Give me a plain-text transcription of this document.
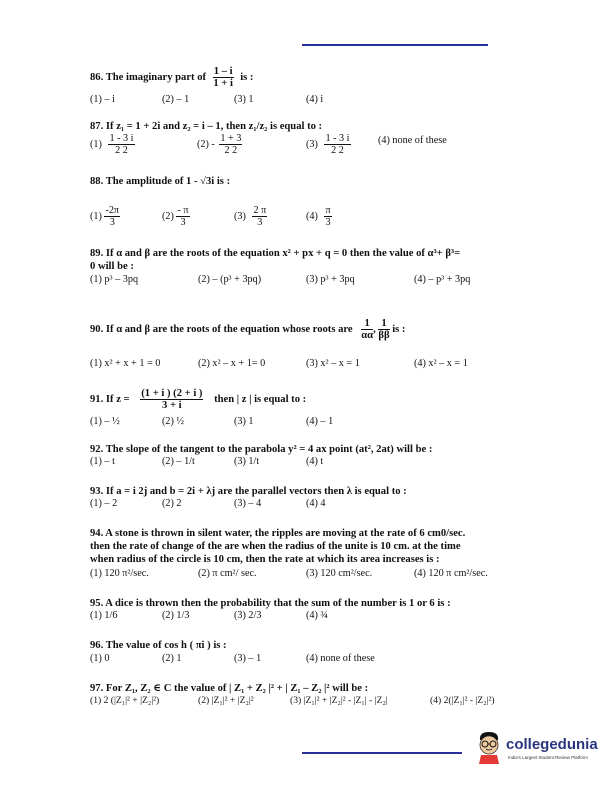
86. The imaginary part of $\frac{1 - i}{1 + i}$ is :
(1) – i	(2) – 1	(3) 1	(4) i
87. If z₁ = 1 + 2i and z₂ = i – 1, then z₁/z₂ is equal to :
$(1) \frac{1 - 3 i}{2 2}$	$(2) - \frac{1 + 3}{2 2}$	$(3) \frac{1 - 3 i}{2 2}$	(4) none of these
88. The amplitude of 1 - √3i is :
$(1) \frac{-2\pi}{3}$	$(2) \frac{- \pi}{3}$	$(3) \frac{2 \pi}{3}$	$(4) \frac{\pi}{3}$
89. If α and β are the roots of the equation x² + px + q = 0 then the value of α³+ β³=
0 will be :
(1) p³ – 3pq	(2) – (p³ + 3pq)	(3) p³ + 3pq	(4) – p³ + 3pq
90. If α and β are the roots of the equation whose roots are $\frac{1}{\alpha\alpha}$ , $\frac{1}{\beta\beta}$ is :
(1) x² + x + 1 = 0	(2) x² – x + 1= 0	(3) x² – x = 1	(4) x² – x = 1
91. If $z = \frac{(1 + i ) (2 + i )}{3 + i}$ then | z | is equal to :
(1) – ½	(2) ½	(3) 1	(4) – 1
92. The slope of the tangent to the parabola y² = 4 ax point (at², 2at) will be :
(1) – t	(2) – 1/t	(3) 1/t	(4) t
93. If a = i 2j and b = 2i + λj are the parallel vectors then λ is equal to :
(1) – 2	(2) 2	(3) – 4	(4) 4
94. A stone is thrown in silent water, the ripples are moving at the rate of 6 cm0/sec.
then the rate of change of the are when the radius of the unite is 10 cm. at the time
when radius of the circle is 10 cm, then the rate at which its area increases is :
(1) 120 π²/sec.	(2) π cm²/ sec.	(3) 120 cm²/sec.	(4) 120 π cm²/sec.
95. A dice is thrown then the probability that the sum of the number is 1 or 6 is :
(1) 1/6	(2) 1/3	(3) 2/3	(4) ¾
96. The value of cos h ( πi ) is :
(1) 0	(2) 1	(3) – 1	(4) none of these
97. For Z₁, Z₂ ∈ C the value of | Z₁ + Z₂ |² + | Z₁ – Z₂ |² will be :
(1) 2 (|Z₁|² + |Z₂|²)	(2) |Z₁|² + |Z₂|²	(3) |Z₁|² + |Z₂|² - |Z₁| - |Z₂|	(4) 2(|Z₁|² - |Z₂|²)
collegedunia
India's Largest Student Review Platform
